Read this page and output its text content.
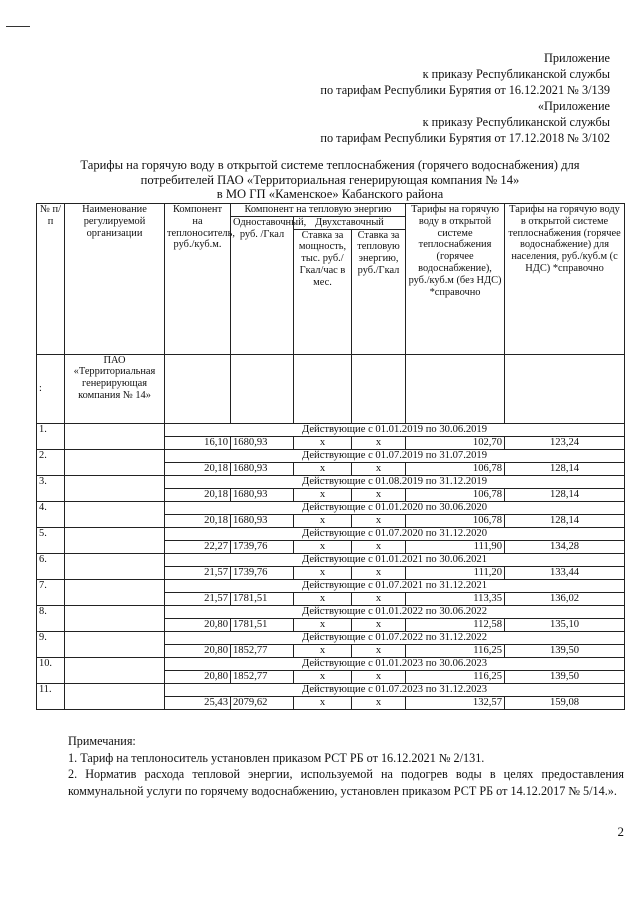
Приложение
к приказу Республиканской службы
по тарифам Республики Бурятия от 16.12.2021 № 3/139
«Приложение
к приказу Республиканской службы
по тарифам Республики Бурятия от 17.12.2018 № 3/102
Тарифы на горячую воду в открытой системе теплоснабжения (горячего водоснабжения) для
потребителей ПАО «Территориальная генерирующая компания № 14»
в МО ГП «Каменское» Кабанского района
№ п/п	Наименование регулируемой организации	Компонент на теплоноситель, руб./куб.м.	Компонент на тепловую энергию			Тарифы на горячую воду в открытой системе теплоснабжения (горячее водоснабжение), руб./куб.м (без НДС) *справочно	Тарифы на горячую воду в открытой системе теплоснабжения (горячее водоснабжение) для населения, руб./куб.м (с НДС) *справочно
			Одноставочный, руб. /Гкал	Двухставочный			
				Ставка за мощность, тыс. руб./Гкал/час в мес.	Ставка за тепловую энергию, руб./Гкал		
:	ПАО «Территориальная генерирующая компания № 14»						
1.		Действующие с 01.01.2019 по 30.06.2019					
		16,10	1680,93	x	x	102,70	123,24
2.		Действующие с 01.07.2019 по 31.07.2019					
		20,18	1680,93	x	x	106,78	128,14
3.		Действующие с 01.08.2019 по 31.12.2019					
		20,18	1680,93	x	x	106,78	128,14
4.		Действующие с 01.01.2020 по 30.06.2020					
		20,18	1680,93	x	x	106,78	128,14
5.		Действующие с 01.07.2020 по 31.12.2020					
		22,27	1739,76	x	x	111,90	134,28
6.		Действующие с 01.01.2021 по 30.06.2021					
		21,57	1739,76	x	x	111,20	133,44
7.		Действующие с 01.07.2021 по 31.12.2021					
		21,57	1781,51	x	x	113,35	136,02
8.		Действующие с 01.01.2022 по 30.06.2022					
		20,80	1781,51	x	x	112,58	135,10
9.		Действующие с 01.07.2022 по 31.12.2022					
		20,80	1852,77	x	x	116,25	139,50
10.		Действующие с 01.01.2023 по 30.06.2023					
		20,80	1852,77	x	x	116,25	139,50
11.		Действующие с 01.07.2023 по 31.12.2023					
		25,43	2079,62	x	x	132,57	159,08
Примечания:
1. Тариф на теплоноситель установлен приказом РСТ РБ от 16.12.2021 № 2/131.
2. Норматив расхода тепловой энергии, используемой на подогрев воды в целях предоставления коммунальной услуги по горячему водоснабжению, установлен приказом РСТ РБ от 14.12.2017 № 5/14.».
2
